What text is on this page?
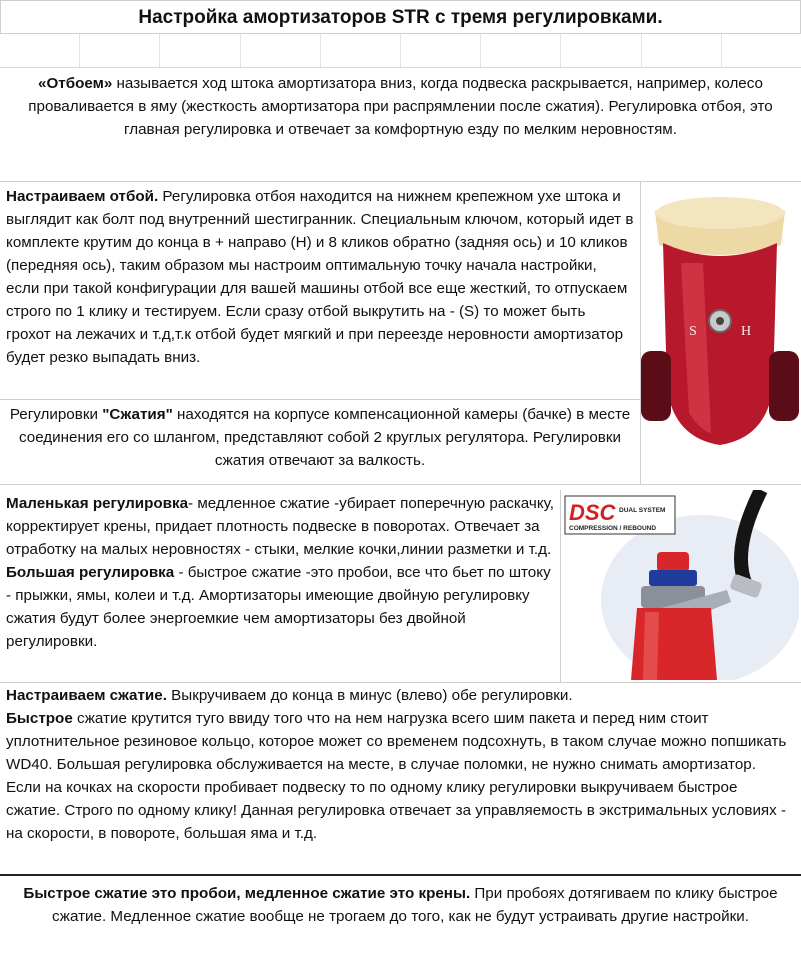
Настройка амортизаторов STR с тремя регулировками.
«Отбоем» называется ход штока амортизатора вниз, когда подвеска раскрывается, например, колесо проваливается в яму (жесткость амортизатора при распрямлении после сжатия). Регулировка отбоя, это главная регулировка и отвечает за комфортную езду по мелким неровностям.
Настраиваем отбой. Регулировка отбоя находится на нижнем крепежном ухе штока и выглядит как болт под внутренний шестигранник. Специальным ключом, который идет в комплекте крутим до конца в + направо (H) и 8 кликов обратно (задняя ось) и 10 кликов (передняя ось), таким образом мы настроим оптимальную точку начала настройки, если при такой конфигурации для вашей машины отбой все еще жесткий, то отпускаем строго по 1 клику и тестируем. Если сразу отбой выкрутить на - (S) то может быть грохот на лежачих и т.д,т.к отбой будет мягкий и при переезде неровности амортизатор будет резко выпадать вниз.
Регулировки "Сжатия" находятся на корпусе компенсационной камеры (бачке) в месте соединения его со шлангом, представляют собой 2 круглых регулятора. Регулировки сжатия отвечают за валкость.
S	H
Маленькая регулировка- медленное сжатие -убирает поперечную раскачку, корректирует крены, придает плотность подвеске в поворотах. Отвечает за отработку на малых неровностях - стыки, мелкие кочки,линии разметки и т.д.
Большая регулировка - быстрое сжатие -это пробои, все что бьет по штоку - прыжки, ямы, колеи и т.д. Амортизаторы имеющие двойную регулировку сжатия будут более энергоемкие чем амортизаторы без двойной регулировки.
DSC DUAL SYSTEM
COMPRESSION / REBOUND
Настраиваем сжатие. Выкручиваем до конца в минус (влево) обе регулировки.
Быстрое сжатие крутится туго ввиду того что на нем нагрузка всего шим пакета и перед ним стоит уплотнительное резиновое кольцо, которое может со временем подсохнуть, в таком случае можно попшикать WD40. Большая регулировка обслуживается на месте, в случае поломки, не нужно снимать амортизатор. Если на кочках на скорости пробивает подвеску то по одному клику регулировки выкручиваем быстрое сжатие. Строго по одному клику! Данная регулировка отвечает за управляемость в экстримальных условиях - на скорости, в повороте, большая яма и т.д.
Быстрое сжатие это пробои, медленное сжатие это крены. При пробоях дотягиваем по клику быстрое сжатие. Медленное сжатие вообще не трогаем до того, как не будут устраивать другие настройки.
